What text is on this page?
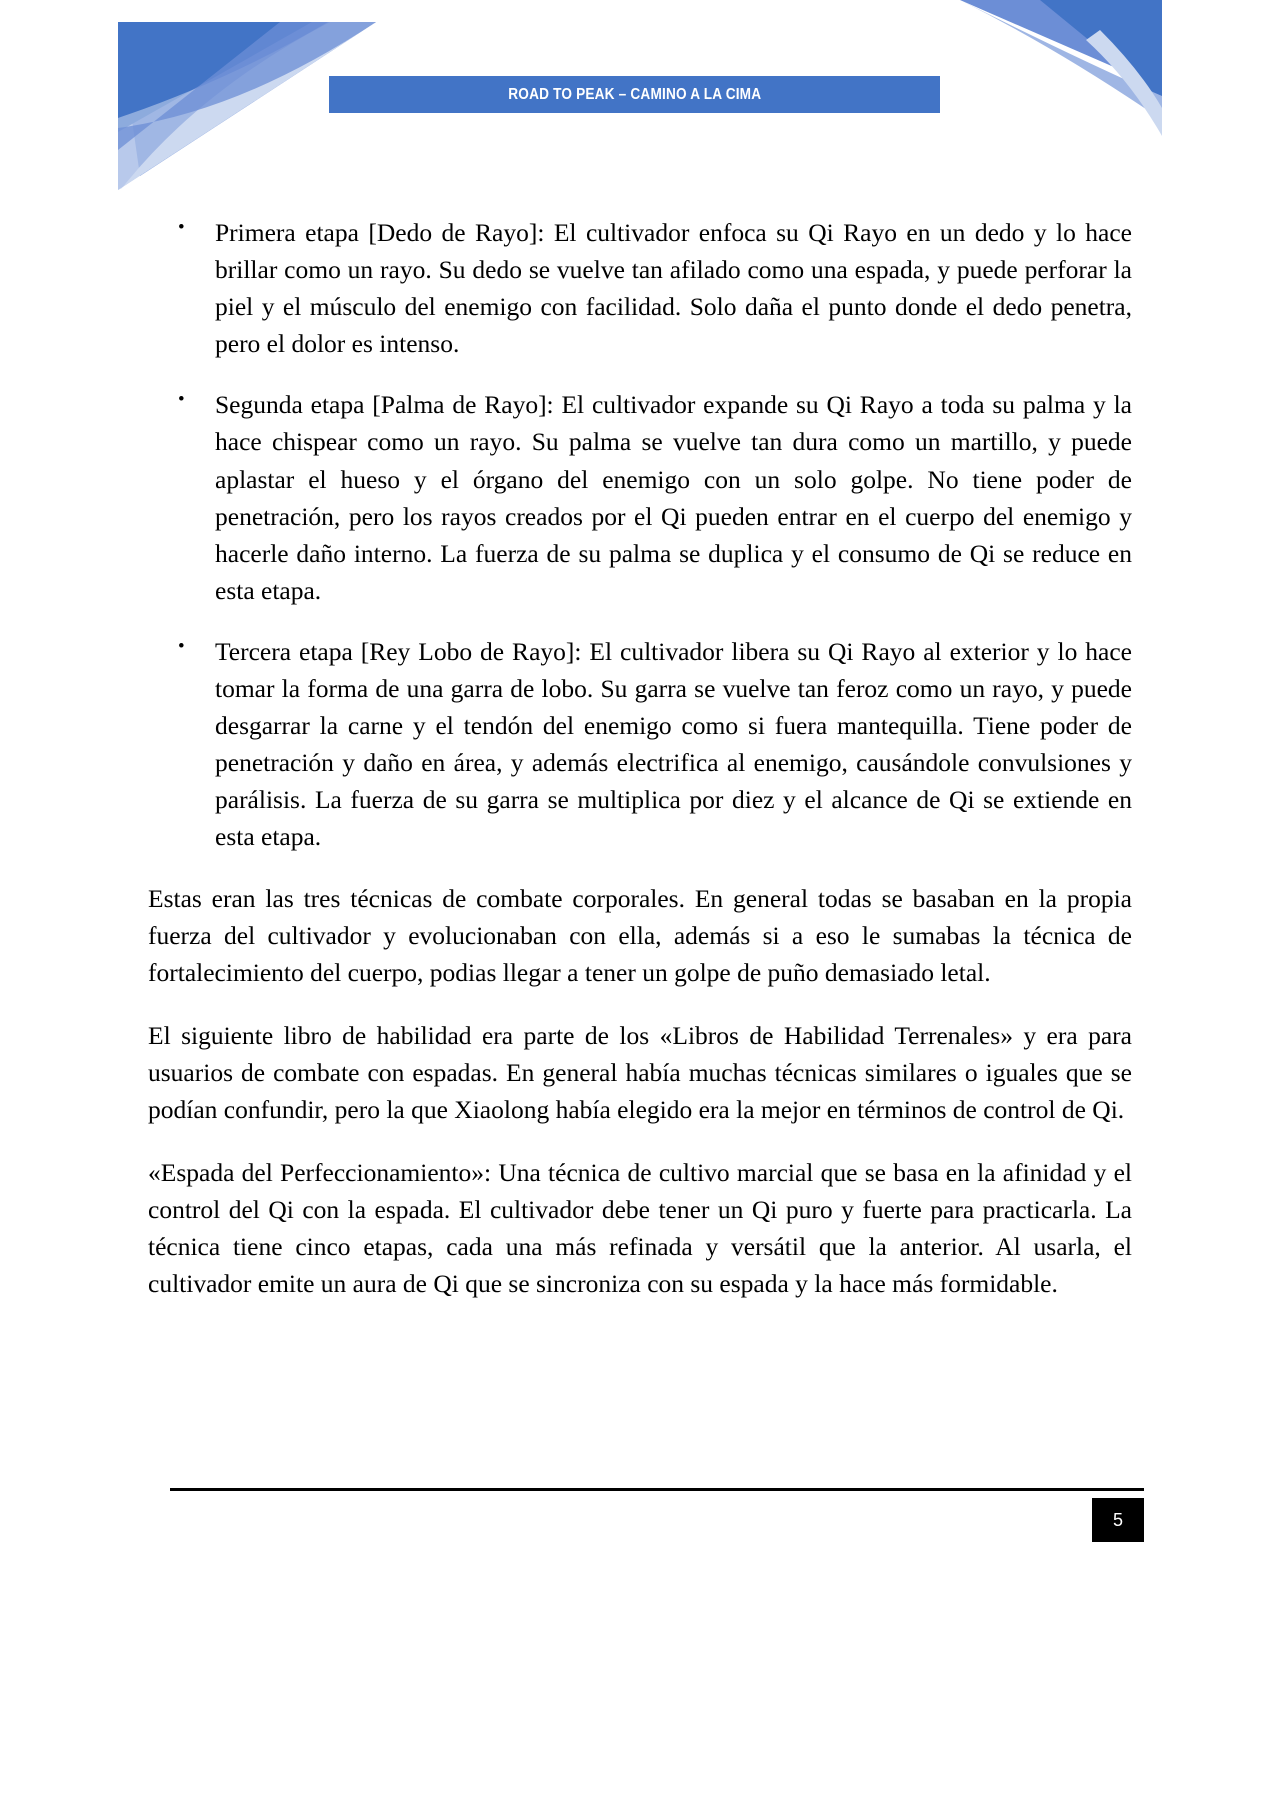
ROAD TO PEAK – CAMINO A LA CIMA
• Primera etapa [Dedo de Rayo]: El cultivador enfoca su Qi Rayo en un dedo y lo hace brillar como un rayo. Su dedo se vuelve tan afilado como una espada, y puede perforar la piel y el músculo del enemigo con facilidad. Solo daña el punto donde el dedo penetra, pero el dolor es intenso.
• Segunda etapa [Palma de Rayo]: El cultivador expande su Qi Rayo a toda su palma y la hace chispear como un rayo. Su palma se vuelve tan dura como un martillo, y puede aplastar el hueso y el órgano del enemigo con un solo golpe. No tiene poder de penetración, pero los rayos creados por el Qi pueden entrar en el cuerpo del enemigo y hacerle daño interno. La fuerza de su palma se duplica y el consumo de Qi se reduce en esta etapa.
• Tercera etapa [Rey Lobo de Rayo]: El cultivador libera su Qi Rayo al exterior y lo hace tomar la forma de una garra de lobo. Su garra se vuelve tan feroz como un rayo, y puede desgarrar la carne y el tendón del enemigo como si fuera mantequilla. Tiene poder de penetración y daño en área, y además electrifica al enemigo, causándole convulsiones y parálisis. La fuerza de su garra se multiplica por diez y el alcance de Qi se extiende en esta etapa.

Estas eran las tres técnicas de combate corporales. En general todas se basaban en la propia fuerza del cultivador y evolucionaban con ella, además si a eso le sumabas la técnica de fortalecimiento del cuerpo, podias llegar a tener un golpe de puño demasiado letal.

El siguiente libro de habilidad era parte de los «Libros de Habilidad Terrenales» y era para usuarios de combate con espadas. En general había muchas técnicas similares o iguales que se podían confundir, pero la que Xiaolong había elegido era la mejor en términos de control de Qi.

«Espada del Perfeccionamiento»: Una técnica de cultivo marcial que se basa en la afinidad y el control del Qi con la espada. El cultivador debe tener un Qi puro y fuerte para practicarla. La técnica tiene cinco etapas, cada una más refinada y versátil que la anterior. Al usarla, el cultivador emite un aura de Qi que se sincroniza con su espada y la hace más formidable.

5
